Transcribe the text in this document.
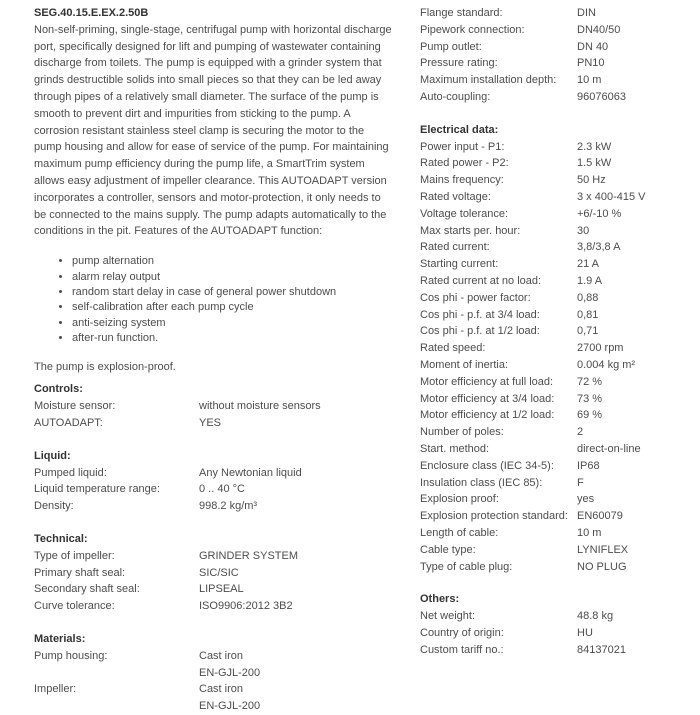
SEG.40.15.E.EX.2.50B

Non-self-priming, single-stage, centrifugal pump with horizontal discharge port, specifically designed for lift and pumping of wastewater containing discharge from toilets. The pump is equipped with a grinder system that grinds destructible solids into small pieces so that they can be led away through pipes of a relatively small diameter. The surface of the pump is smooth to prevent dirt and impurities from sticking to the pump. A corrosion resistant stainless steel clamp is securing the motor to the pump housing and allow for ease of service of the pump. For maintaining maximum pump efficiency during the pump life, a SmartTrim system allows easy adjustment of impeller clearance. This AUTOADAPT version incorporates a controller, sensors and motor-protection, it only needs to be connected to the mains supply. The pump adapts automatically to the conditions in the pit. Features of the AUTOADAPT function:

• pump alternation
• alarm relay output
• random start delay in case of general power shutdown
• self-calibration after each pump cycle
• anti-seizing system
• after-run function.

The pump is explosion-proof.

Controls:
Moisture sensor:	without moisture sensors
AUTOADAPT:	YES
Liquid:
Pumped liquid:	Any Newtonian liquid
Liquid temperature range:	0 .. 40 °C
Density:	998.2 kg/m³
Technical:
Type of impeller:	GRINDER SYSTEM
Primary shaft seal:	SIC/SIC
Secondary shaft seal:	LIPSEAL
Curve tolerance:	ISO9906:2012 3B2
Materials:
Pump housing:	Cast iron
EN-GJL-200
Impeller:	Cast iron
EN-GJL-200
Flange standard:	DIN
Pipework connection:	DN40/50
Pump outlet:	DN 40
Pressure rating:	PN10
Maximum installation depth:	10 m
Auto-coupling:	96076063
Electrical data:
Power input - P1:	2.3 kW
Rated power - P2:	1.5 kW
Mains frequency:	50 Hz
Rated voltage:	3 x 400-415 V
Voltage tolerance:	+6/-10 %
Max starts per. hour:	30
Rated current:	3,8/3,8 A
Starting current:	21 A
Rated current at no load:	1.9 A
Cos phi - power factor:	0,88
Cos phi - p.f. at 3/4 load:	0,81
Cos phi - p.f. at 1/2 load:	0,71
Rated speed:	2700 rpm
Moment of inertia:	0.004 kg m²
Motor efficiency at full load:	72 %
Motor efficiency at 3/4 load:	73 %
Motor efficiency at 1/2 load:	69 %
Number of poles:	2
Start. method:	direct-on-line
Enclosure class (IEC 34-5):	IP68
Insulation class (IEC 85):	F
Explosion proof:	yes
Explosion protection standard: EN60079
Length of cable:	10 m
Cable type:	LYNIFLEX
Type of cable plug:	NO PLUG
Others:
Net weight:	48.8 kg
Country of origin:	HU
Custom tariff no.:	84137021
